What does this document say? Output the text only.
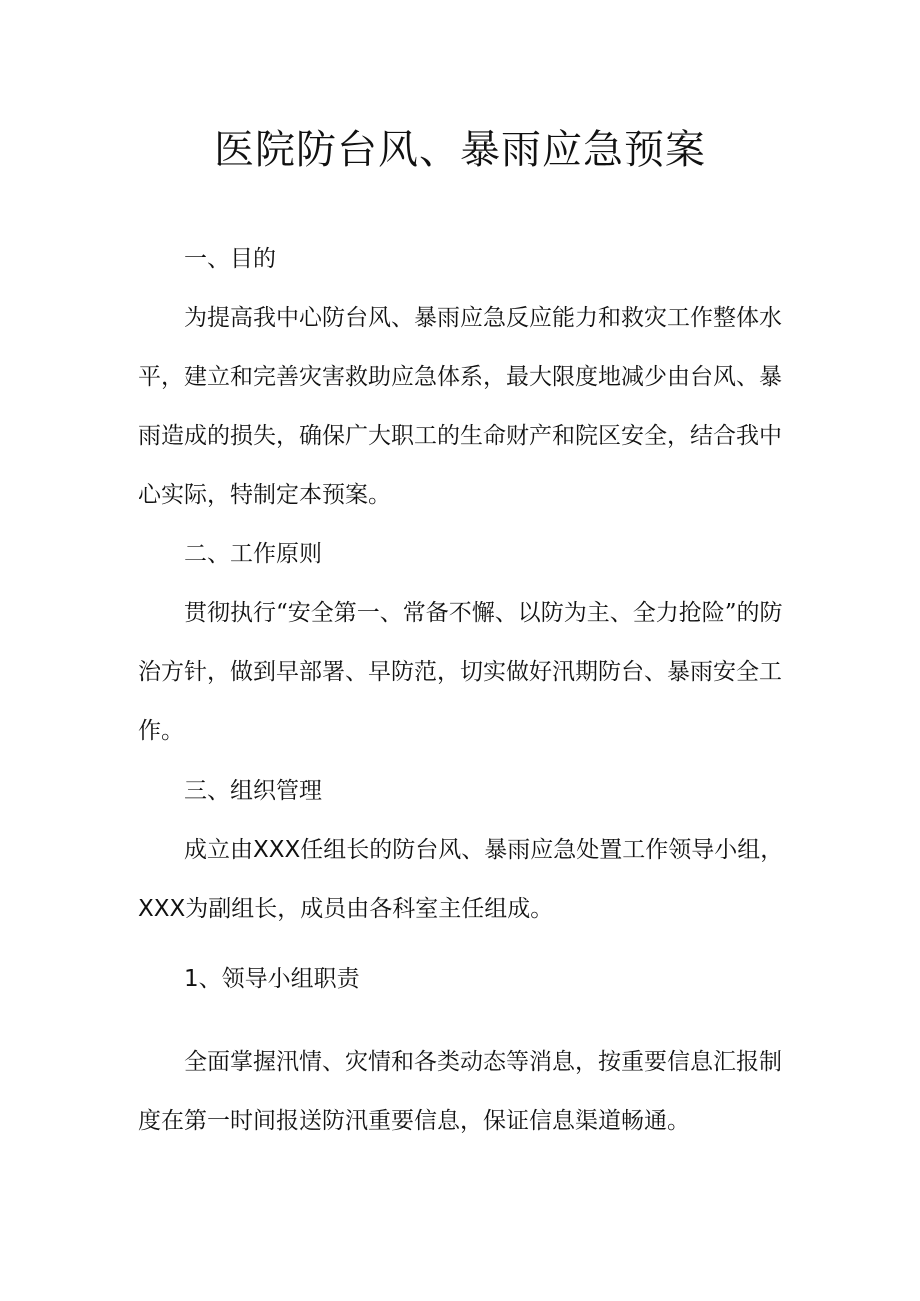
医院防台风、暴雨应急预案

一、目的

为提高我中心防台风、暴雨应急反应能力和救灾工作整体水平，建立和完善灾害救助应急体系，最大限度地减少由台风、暴雨造成的损失，确保广大职工的生命财产和院区安全，结合我中心实际，特制定本预案。

二、工作原则

贯彻执行“安全第一、常备不懈、以防为主、全力抢险”的防治方针，做到早部署、早防范，切实做好汛期防台、暴雨安全工作。

三、组织管理

成立由XXX任组长的防台风、暴雨应急处置工作领导小组，XXX为副组长，成员由各科室主任组成。

1、领导小组职责

全面掌握汛情、灾情和各类动态等消息，按重要信息汇报制度在第一时间报送防汛重要信息，保证信息渠道畅通。
